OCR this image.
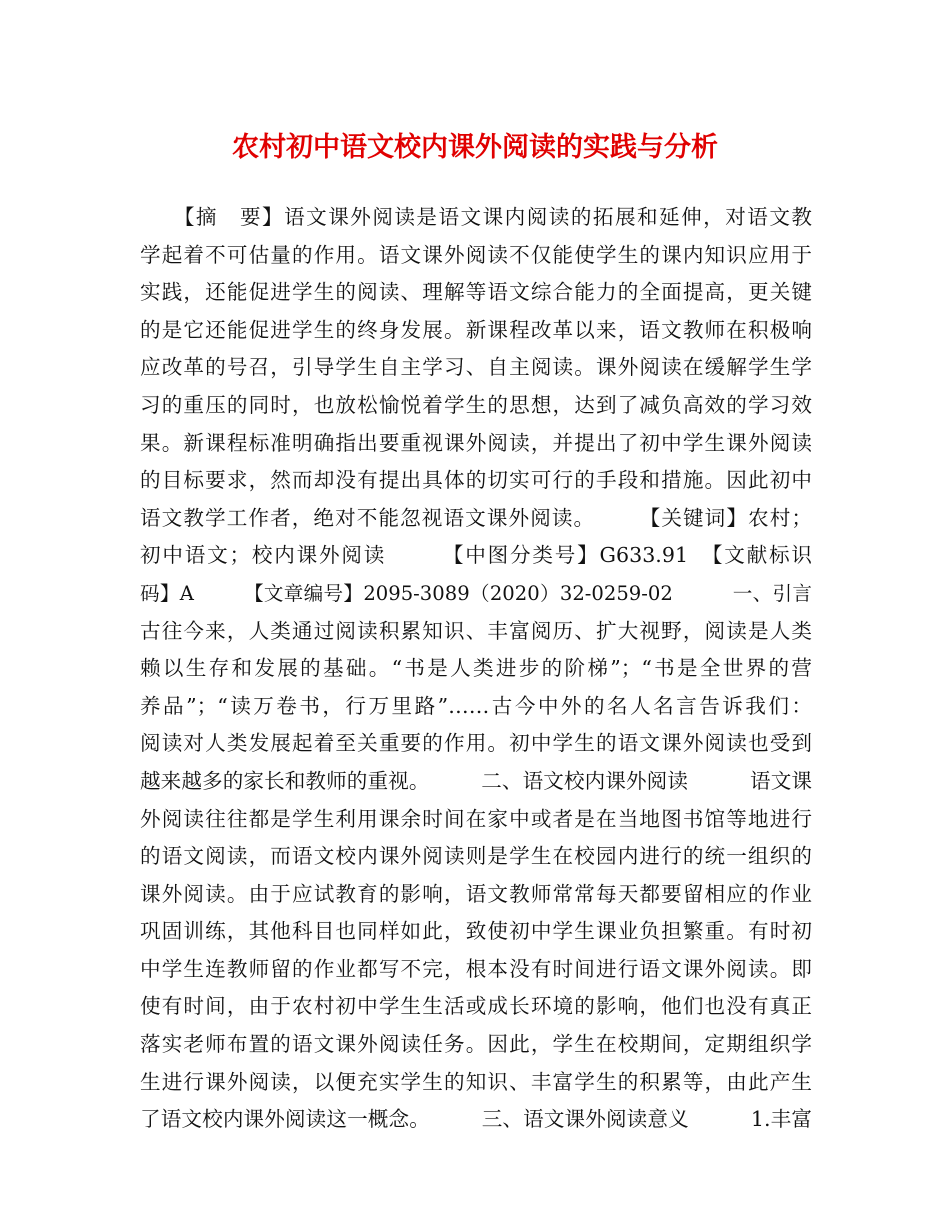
农村初中语文校内课外阅读的实践与分析
　　【摘　要】语文课外阅读是语文课内阅读的拓展和延伸，对语文教
学起着不可估量的作用。语文课外阅读不仅能使学生的课内知识应用于
实践，还能促进学生的阅读、理解等语文综合能力的全面提高，更关键
的是它还能促进学生的终身发展。新课程改革以来，语文教师在积极响
应改革的号召，引导学生自主学习、自主阅读。课外阅读在缓解学生学
习的重压的同时，也放松愉悦着学生的思想，达到了减负高效的学习效
果。新课程标准明确指出要重视课外阅读，并提出了初中学生课外阅读
的目标要求，然而却没有提出具体的切实可行的手段和措施。因此初中
语文教学工作者，绝对不能忽视语文课外阅读。　　　【关键词】农村；
初中语文；校内课外阅读　　　【中图分类号】G633.91　【文献标识
码】A　　　【文章编号】2095-3089（2020）32-0259-02　　　一、引言
古往今来，人类通过阅读积累知识、丰富阅历、扩大视野，阅读是人类
赖以生存和发展的基础。“书是人类进步的阶梯”；“书是全世界的营
养品”；“读万卷书，行万里路”……古今中外的名人名言告诉我们：
阅读对人类发展起着至关重要的作用。初中学生的语文课外阅读也受到
越来越多的家长和教师的重视。　　　二、语文校内课外阅读　　　语文课
外阅读往往都是学生利用课余时间在家中或者是在当地图书馆等地进行
的语文阅读，而语文校内课外阅读则是学生在校园内进行的统一组织的
课外阅读。由于应试教育的影响，语文教师常常每天都要留相应的作业
巩固训练，其他科目也同样如此，致使初中学生课业负担繁重。有时初
中学生连教师留的作业都写不完，根本没有时间进行语文课外阅读。即
使有时间，由于农村初中学生生活或成长环境的影响，他们也没有真正
落实老师布置的语文课外阅读任务。因此，学生在校期间，定期组织学
生进行课外阅读，以便充实学生的知识、丰富学生的积累等，由此产生
了语文校内课外阅读这一概念。　　　三、语文课外阅读意义　　　1.丰富
